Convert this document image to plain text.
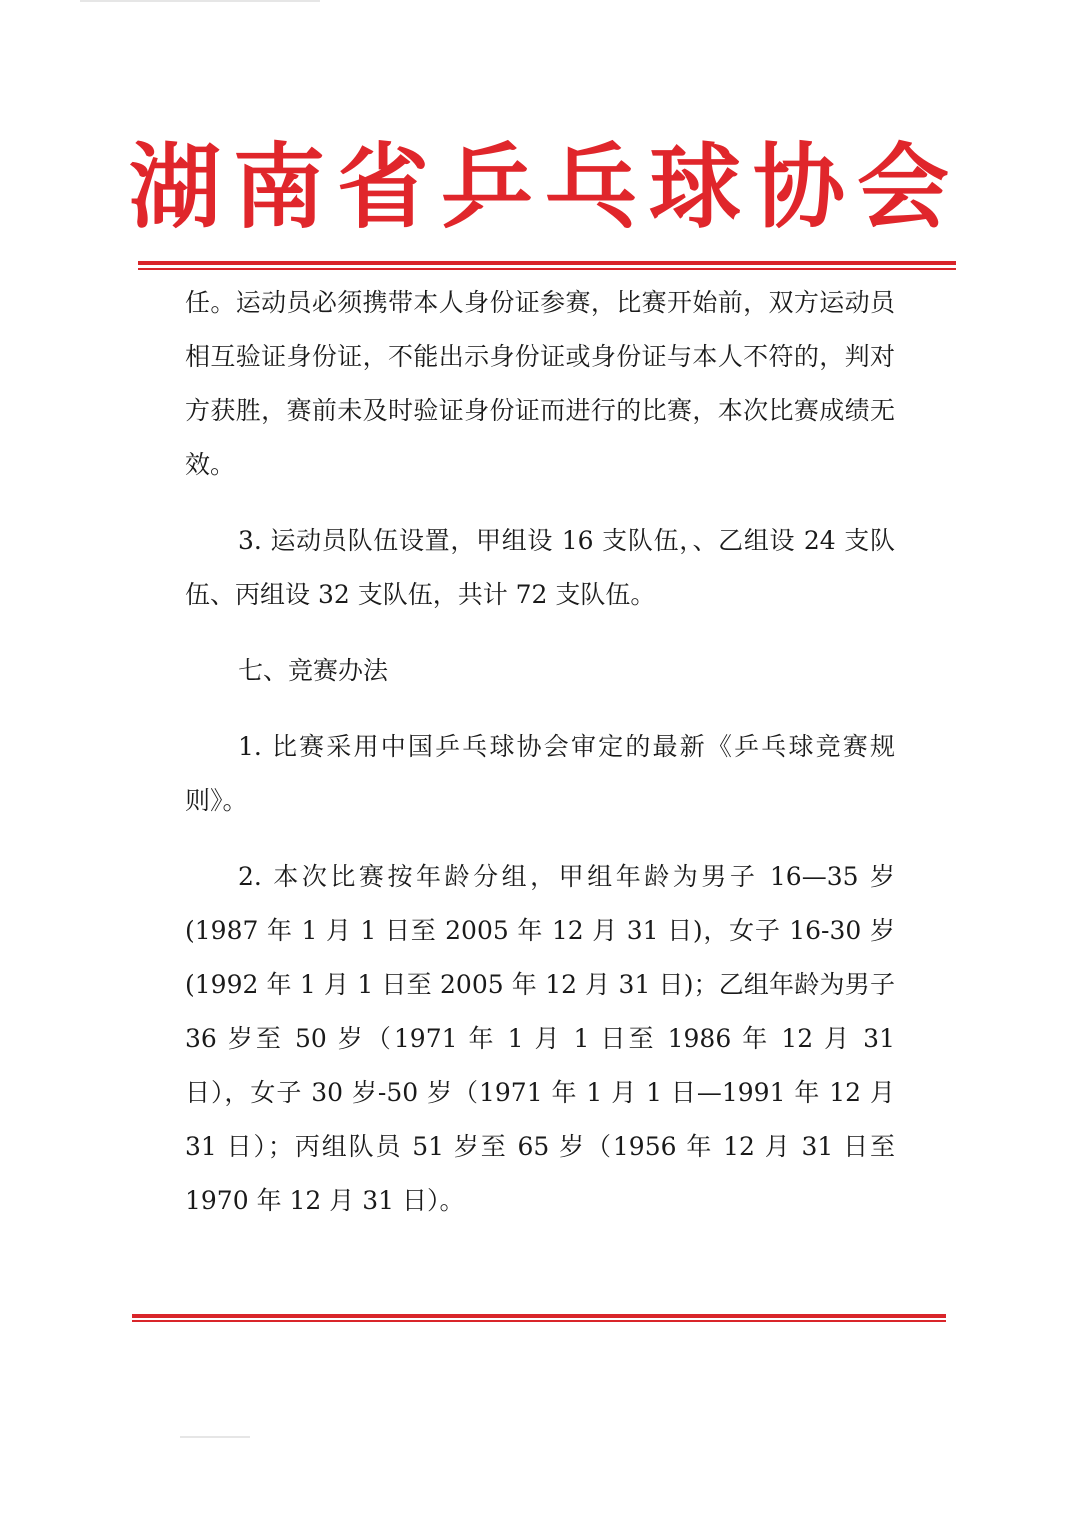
湖南省乒乓球协会

任。运动员必须携带本人身份证参赛，比赛开始前，双方运动员相互验证身份证，不能出示身份证或身份证与本人不符的，判对方获胜，赛前未及时验证身份证而进行的比赛，本次比赛成绩无效。

3. 运动员队伍设置，甲组设 16 支队伍，、乙组设 24 支队伍、丙组设 32 支队伍，共计 72 支队伍。

七、竞赛办法

1. 比赛采用中国乒乓球协会审定的最新《乒乓球竞赛规则》。

2. 本次比赛按年龄分组，甲组年龄为男子 16—35 岁(1987 年 1 月 1 日至 2005 年 12 月 31 日)，女子 16-30 岁(1992 年 1 月 1 日至 2005 年 12 月 31 日)；乙组年龄为男子 36 岁至 50 岁（1971 年 1 月 1 日至 1986 年 12 月 31 日），女子 30 岁-50 岁（1971 年 1 月 1 日—1991 年 12 月 31 日）；丙组队员 51 岁至 65 岁（1956 年 12 月 31 日至 1970 年 12 月 31 日）。
